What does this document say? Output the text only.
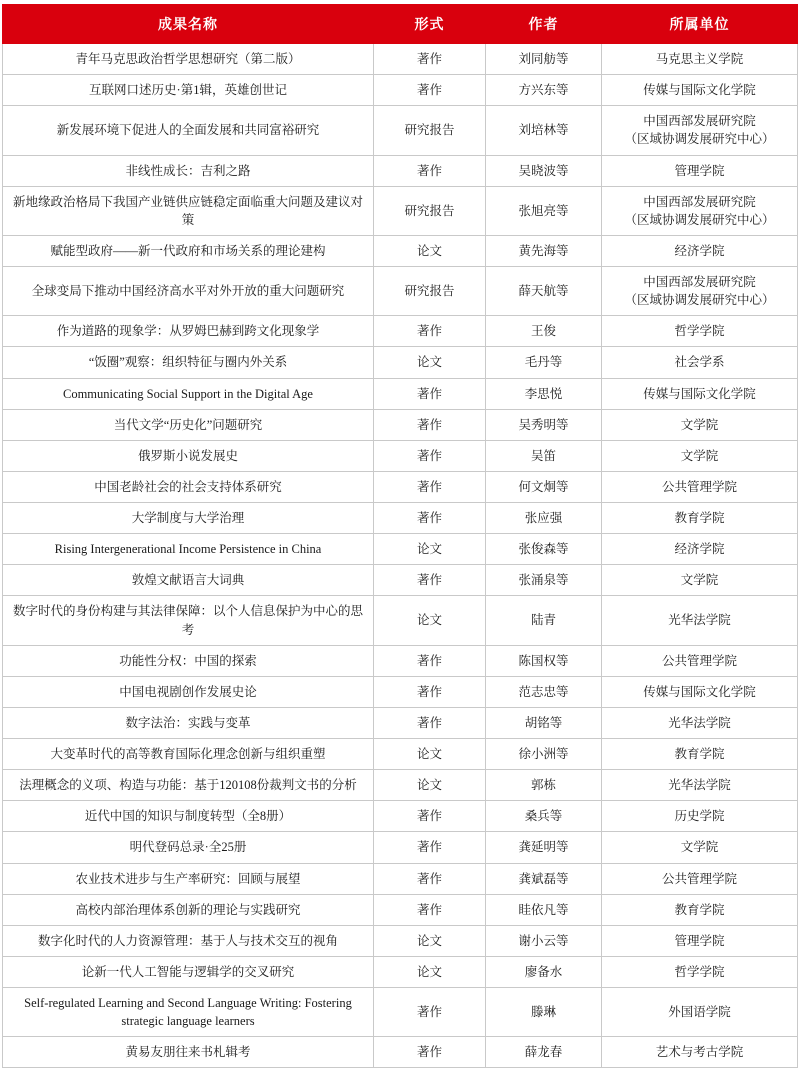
成果名称	形式	作者	所属单位
青年马克思政治哲学思想研究（第二版）	著作	刘同舫等	马克思主义学院
互联网口述历史·第1辑，英雄创世记	著作	方兴东等	传媒与国际文化学院
新发展环境下促进人的全面发展和共同富裕研究	研究报告	刘培林等	中国西部发展研究院
（区域协调发展研究中心）

非线性成长：吉利之路	著作	吴晓波等	管理学院
新地缘政治格局下我国产业链供应链稳定面临重大问题及建议对策	研究报告	张旭亮等	中国西部发展研究院
（区域协调发展研究中心）

赋能型政府——新一代政府和市场关系的理论建构	论文	黄先海等	经济学院
全球变局下推动中国经济高水平对外开放的重大问题研究	研究报告	薛天航等	中国西部发展研究院
（区域协调发展研究中心）

作为道路的现象学：从罗姆巴赫到跨文化现象学	著作	王俊	哲学学院
“饭圈”观察：组织特征与圈内外关系	论文	毛丹等	社会学系
Communicating Social Support in the Digital Age	著作	李思悦	传媒与国际文化学院
当代文学“历史化”问题研究	著作	吴秀明等	文学院
俄罗斯小说发展史	著作	吴笛	文学院
中国老龄社会的社会支持体系研究	著作	何文炯等	公共管理学院
大学制度与大学治理	著作	张应强	教育学院
Rising Intergenerational Income Persistence in China	论文	张俊森等	经济学院
敦煌文献语言大词典	著作	张涌泉等	文学院
数字时代的身份构建与其法律保障：以个人信息保护为中心的思考	论文	陆青	光华法学院
功能性分权：中国的探索	著作	陈国权等	公共管理学院
中国电视剧创作发展史论	著作	范志忠等	传媒与国际文化学院
数字法治：实践与变革	著作	胡铭等	光华法学院
大变革时代的高等教育国际化理念创新与组织重塑	论文	徐小洲等	教育学院
法理概念的义项、构造与功能：基于120108份裁判文书的分析	论文	郭栋	光华法学院
近代中国的知识与制度转型（全8册）	著作	桑兵等	历史学院
明代登码总录·全25册	著作	龚延明等	文学院
农业技术进步与生产率研究：回顾与展望	著作	龚斌磊等	公共管理学院
高校内部治理体系创新的理论与实践研究	著作	眭依凡等	教育学院
数字化时代的人力资源管理：基于人与技术交互的视角	论文	谢小云等	管理学院
论新一代人工智能与逻辑学的交叉研究	论文	廖备水	哲学学院

Self-regulated Learning and Second Language Writing: Fostering
strategic language learners	著作	滕琳	外国语学院
黄易友朋往来书札辑考	著作	薛龙春	艺术与考古学院
